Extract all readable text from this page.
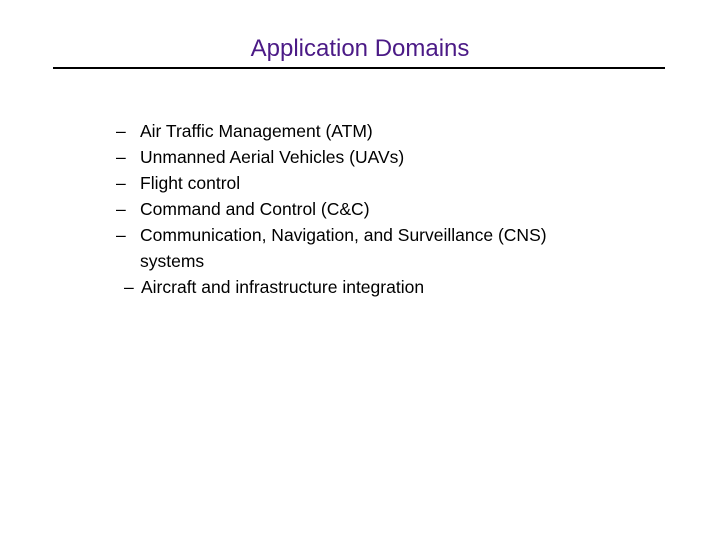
Application Domains
– Air Traffic Management (ATM)
– Unmanned Aerial Vehicles (UAVs)
– Flight control
– Command and Control (C&C)
– Communication, Navigation, and Surveillance (CNS) systems
– Aircraft and infrastructure integration
